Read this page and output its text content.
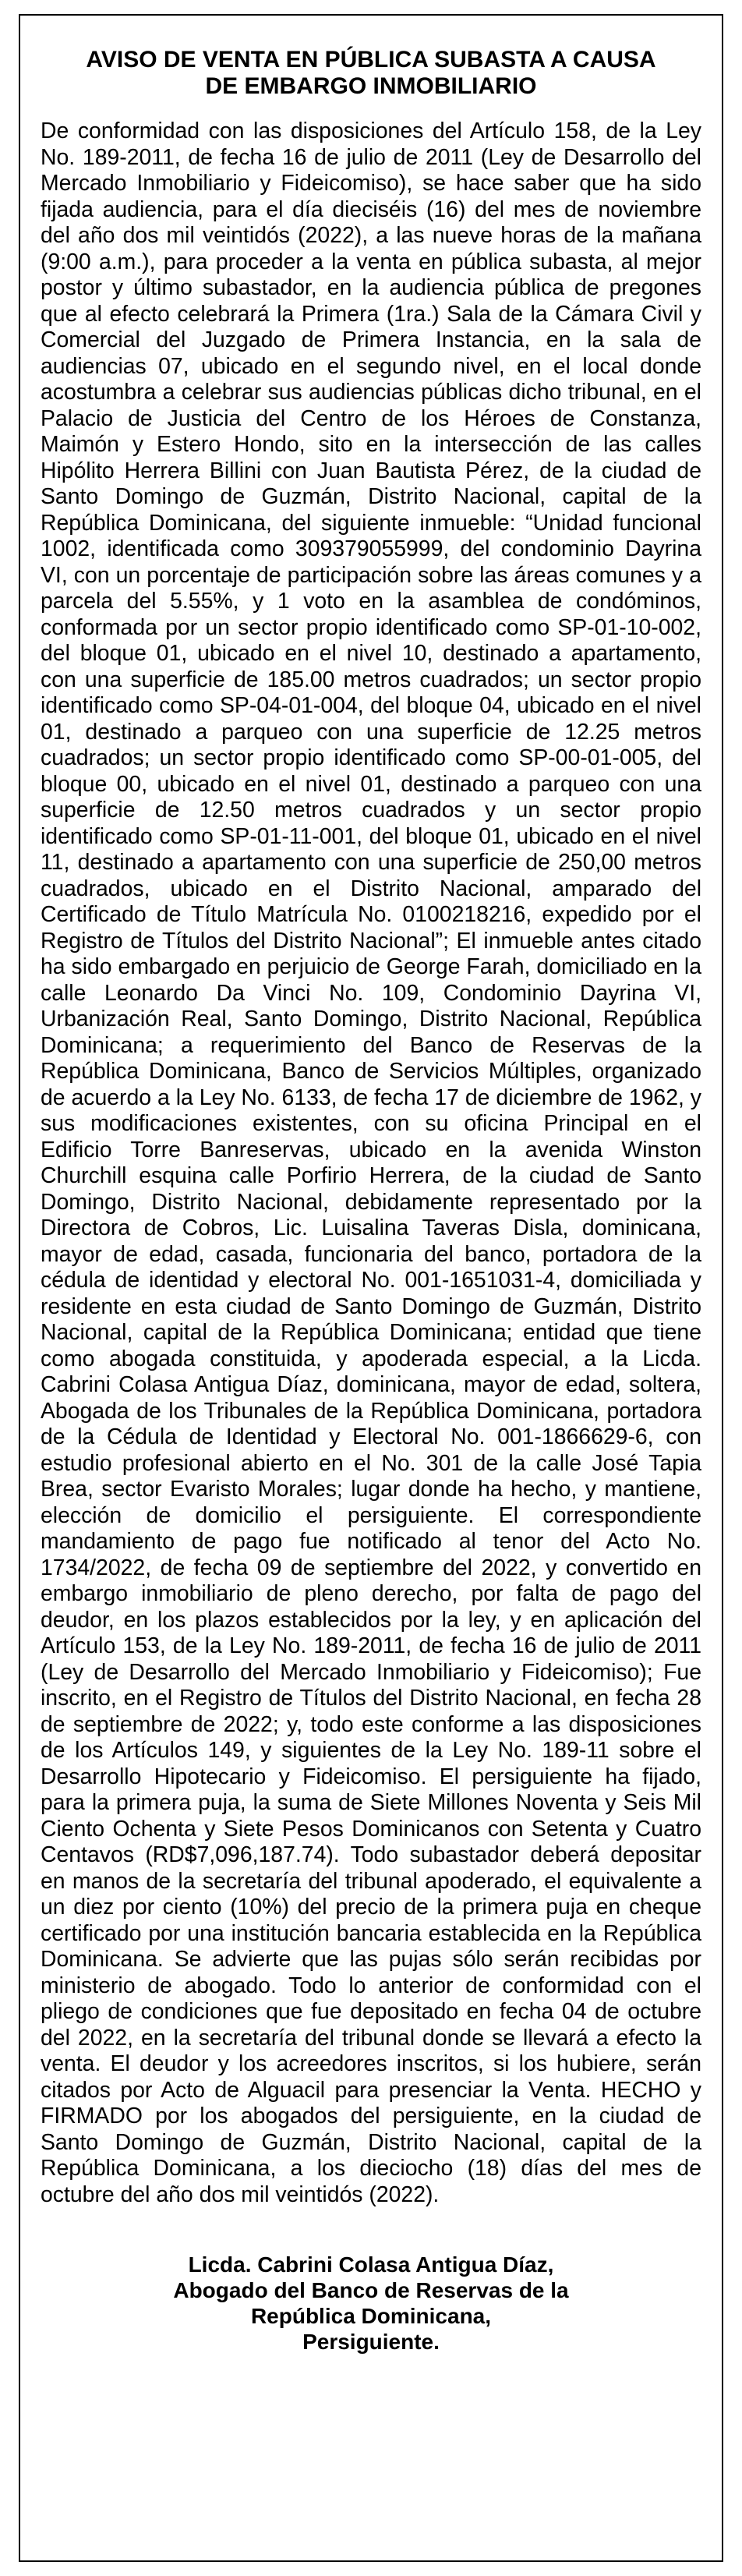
AVISO DE VENTA EN PÚBLICA SUBASTA A CAUSA
DE EMBARGO INMOBILIARIO

De conformidad con las disposiciones del Artículo 158, de la Ley No. 189-2011, de fecha 16 de julio de 2011 (Ley de Desarrollo del Mercado Inmobiliario y Fideicomiso), se hace saber que ha sido fijada audiencia, para el día dieciséis (16) del mes de noviembre del año dos mil veintidós (2022), a las nueve horas de la mañana (9:00 a.m.), para proceder a la venta en pública subasta, al mejor postor y último subastador, en la audiencia pública de pregones que al efecto celebrará la Primera (1ra.) Sala de la Cámara Civil y Comercial del Juzgado de Primera Instancia, en la sala de audiencias 07, ubicado en el segundo nivel, en el local donde acostumbra a celebrar sus audiencias públicas dicho tribunal, en el Palacio de Justicia del Centro de los Héroes de Constanza, Maimón y Estero Hondo, sito en la intersección de las calles Hipólito Herrera Billini con Juan Bautista Pérez, de la ciudad de Santo Domingo de Guzmán, Distrito Nacional, capital de la República Dominicana, del siguiente inmueble: “Unidad funcional 1002, identificada como 309379055999, del condominio Dayrina VI, con un porcentaje de participación sobre las áreas comunes y a parcela del 5.55%, y 1 voto en la asamblea de condóminos, conformada por un sector propio identificado como SP-01-10-002, del bloque 01, ubicado en el nivel 10, destinado a apartamento, con una superficie de 185.00 metros cuadrados; un sector propio identificado como SP-04-01-004, del bloque 04, ubicado en el nivel 01, destinado a parqueo con una superficie de 12.25 metros cuadrados; un sector propio identificado como SP-00-01-005, del bloque 00, ubicado en el nivel 01, destinado a parqueo con una superficie de 12.50 metros cuadrados y un sector propio identificado como SP-01-11-001, del bloque 01, ubicado en el nivel 11, destinado a apartamento con una superficie de 250,00 metros cuadrados, ubicado en el Distrito Nacional, amparado del Certificado de Título Matrícula No. 0100218216, expedido por el Registro de Títulos del Distrito Nacional”; El inmueble antes citado ha sido embargado en perjuicio de George Farah, domiciliado en la calle Leonardo Da Vinci No. 109, Condominio Dayrina VI, Urbanización Real, Santo Domingo, Distrito Nacional, República Dominicana; a requerimiento del Banco de Reservas de la República Dominicana, Banco de Servicios Múltiples, organizado de acuerdo a la Ley No. 6133, de fecha 17 de diciembre de 1962, y sus modificaciones existentes, con su oficina Principal en el Edificio Torre Banreservas, ubicado en la avenida Winston Churchill esquina calle Porfirio Herrera, de la ciudad de Santo Domingo, Distrito Nacional, debidamente representado por la Directora de Cobros, Lic. Luisalina Taveras Disla, dominicana, mayor de edad, casada, funcionaria del banco, portadora de la cédula de identidad y electoral No. 001-1651031-4, domiciliada y residente en esta ciudad de Santo Domingo de Guzmán, Distrito Nacional, capital de la República Dominicana; entidad que tiene como abogada constituida, y apoderada especial, a la Licda. Cabrini Colasa Antigua Díaz, dominicana, mayor de edad, soltera, Abogada de los Tribunales de la República Dominicana, portadora de la Cédula de Identidad y Electoral No. 001-1866629-6, con estudio profesional abierto en el No. 301 de la calle José Tapia Brea, sector Evaristo Morales; lugar donde ha hecho, y mantiene, elección de domicilio el persiguiente. El correspondiente mandamiento de pago fue notificado al tenor del Acto No. 1734/2022, de fecha 09 de septiembre del 2022, y convertido en embargo inmobiliario de pleno derecho, por falta de pago del deudor, en los plazos establecidos por la ley, y en aplicación del Artículo 153, de la Ley No. 189-2011, de fecha 16 de julio de 2011 (Ley de Desarrollo del Mercado Inmobiliario y Fideicomiso); Fue inscrito, en el Registro de Títulos del Distrito Nacional, en fecha 28 de septiembre de 2022; y, todo este conforme a las disposiciones de los Artículos 149, y siguientes de la Ley No. 189-11 sobre el Desarrollo Hipotecario y Fideicomiso. El persiguiente ha fijado, para la primera puja, la suma de Siete Millones Noventa y Seis Mil Ciento Ochenta y Siete Pesos Dominicanos con Setenta y Cuatro Centavos (RD$7,096,187.74). Todo subastador deberá depositar en manos de la secretaría del tribunal apoderado, el equivalente a un diez por ciento (10%) del precio de la primera puja en cheque certificado por una institución bancaria establecida en la República Dominicana. Se advierte que las pujas sólo serán recibidas por ministerio de abogado. Todo lo anterior de conformidad con el pliego de condiciones que fue depositado en fecha 04 de octubre del 2022, en la secretaría del tribunal donde se llevará a efecto la venta. El deudor y los acreedores inscritos, si los hubiere, serán citados por Acto de Alguacil para presenciar la Venta. HECHO y FIRMADO por los abogados del persiguiente, en la ciudad de Santo Domingo de Guzmán, Distrito Nacional, capital de la República Dominicana, a los dieciocho (18) días del mes de octubre del año dos mil veintidós (2022).

Licda. Cabrini Colasa Antigua Díaz,
Abogado del Banco de Reservas de la
República Dominicana,
Persiguiente.
